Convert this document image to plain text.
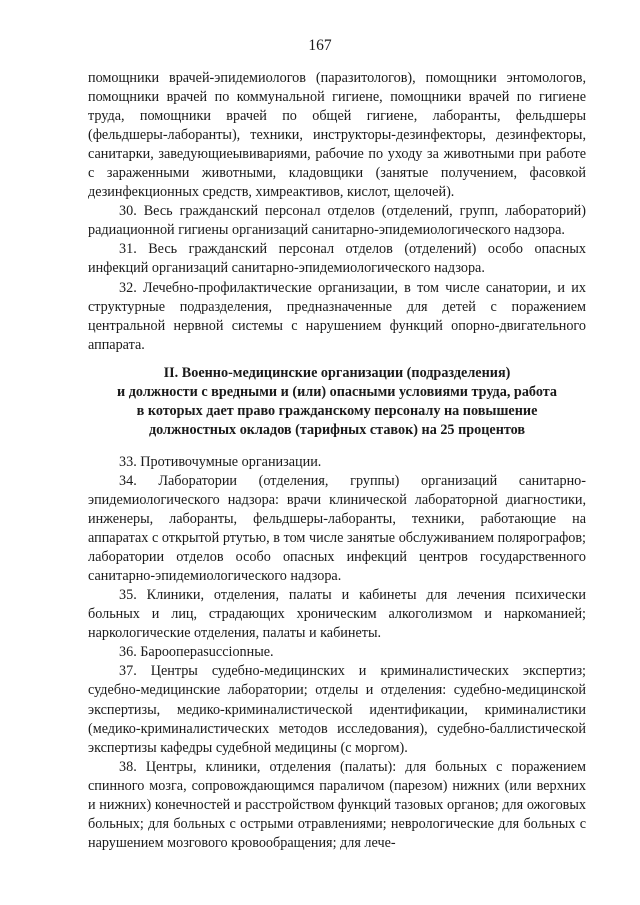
167

помощники врачей-эпидемиологов (паразитологов), помощники энтомологов, помощники врачей по коммунальной гигиене, помощники врачей по гигиене труда, помощники врачей по общей гигиене, лаборанты, фельдшеры (фельдшеры-лаборанты), техники, инструкторы-дезинфекторы, дезинфекторы, санитарки, заведующиеывивариями, рабочие по уходу за животными при работе с зараженными животными, кладовщики (занятые получением, фасовкой дезинфекционных средств, химреактивов, кислот, щелочей).

30. Весь гражданский персонал отделов (отделений, групп, лабораторий) радиационной гигиены организаций санитарно-эпидемиологического надзора.

31. Весь гражданский персонал отделов (отделений) особо опасных инфекций организаций санитарно-эпидемиологического надзора.

32. Лечебно-профилактические организации, в том числе санатории, и их структурные подразделения, предназначенные для детей с поражением центральной нервной системы с нарушением функций опорно-двигательного аппарата.

II. Военно-медицинские организации (подразделения)
и должности с вредными и (или) опасными условиями труда, работа
в которых дает право гражданскому персоналу на повышение
должностных окладов (тарифных ставок) на 25 процентов

33. Противочумные организации.

34. Лаборатории (отделения, группы) организаций санитарно-эпидемиологического надзора: врачи клинической лабораторной диагностики, инженеры, лаборанты, фельдшеры-лаборанты, техники, работающие на аппаратах с открытой ртутью, в том числе занятые обслуживанием полярографов; лаборатории отделов особо опасных инфекций центров государственного санитарно-эпидемиологического надзора.

35. Клиники, отделения, палаты и кабинеты для лечения психически больных и лиц, страдающих хроническим алкоголизмом и наркоманией; наркологические отделения, палаты и кабинеты.

36. Бароопераsuccionные.

37. Центры судебно-медицинских и криминалистических экспертиз; судебно-медицинские лаборатории; отделы и отделения: судебно-медицинской экспертизы, медико-криминалистической идентификации, криминалистики (медико-криминалистических методов исследования), судебно-баллистической экспертизы кафедры судебной медицины (с моргом).

38. Центры, клиники, отделения (палаты): для больных с поражением спинного мозга, сопровождающимся параличом (парезом) нижних (или верхних и нижних) конечностей и расстройством функций тазовых органов; для ожоговых больных; для больных с острыми отравлениями; неврологические для больных с нарушением мозгового кровообращения; для лече-
